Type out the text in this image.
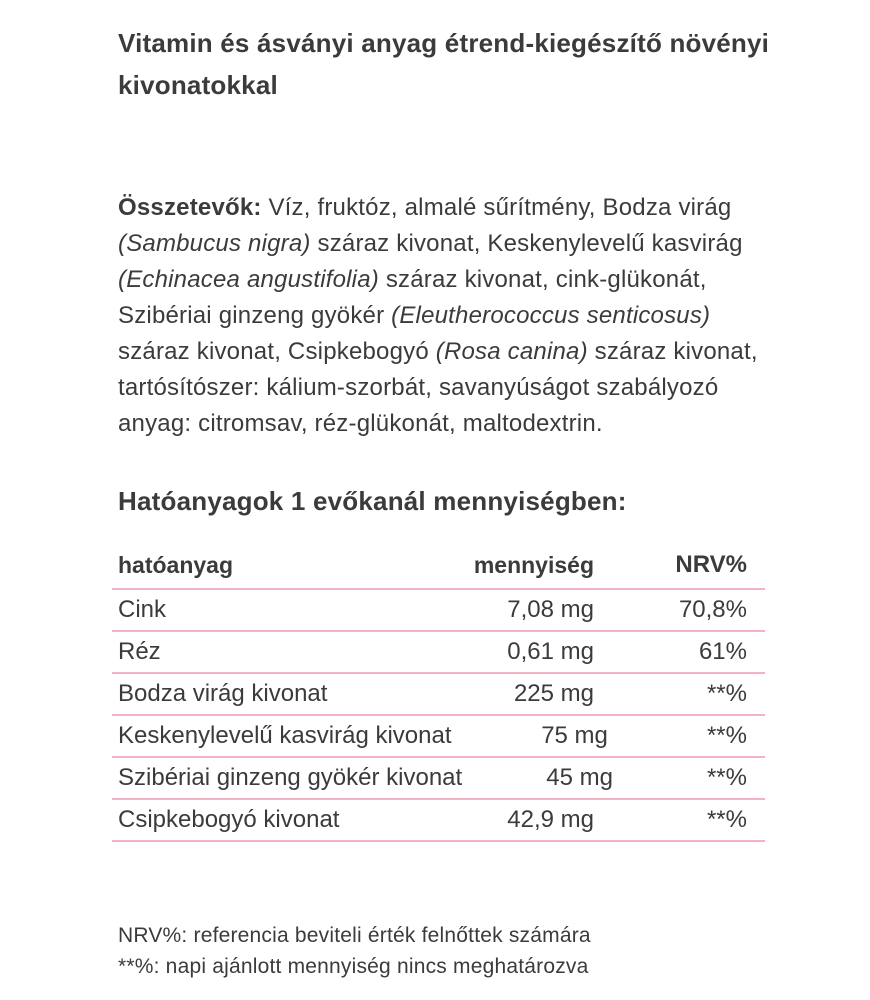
Vitamin és ásványi anyag étrend-kiegészítő növényi kivonatokkal

Összetevők: Víz, fruktóz, almalé sűrítmény, Bodza virág (Sambucus nigra) száraz kivonat, Keskenylevelű kasvirág (Echinacea angustifolia) száraz kivonat, cink-glükonát, Szibériai ginzeng gyökér (Eleutherococcus senticosus) száraz kivonat, Csipkebogyó (Rosa canina) száraz kivonat, tartósítószer: kálium-szorbát, savanyúságot szabályozó anyag: citromsav, réz-glükonát, maltodextrin.

Hatóanyagok 1 evőkanál mennyiségben:
hatóanyag	mennyiség	NRV%
Cink	7,08 mg	70,8%
Réz	0,61 mg	61%
Bodza virág kivonat	225 mg	**%
Keskenylevelű kasvirág kivonat	75 mg	**%
Szibériai ginzeng gyökér kivonat	45 mg	**%
Csipkebogyó kivonat	42,9 mg	**%
NRV%: referencia beviteli érték felnőttek számára
**%: napi ajánlott mennyiség nincs meghatározva
